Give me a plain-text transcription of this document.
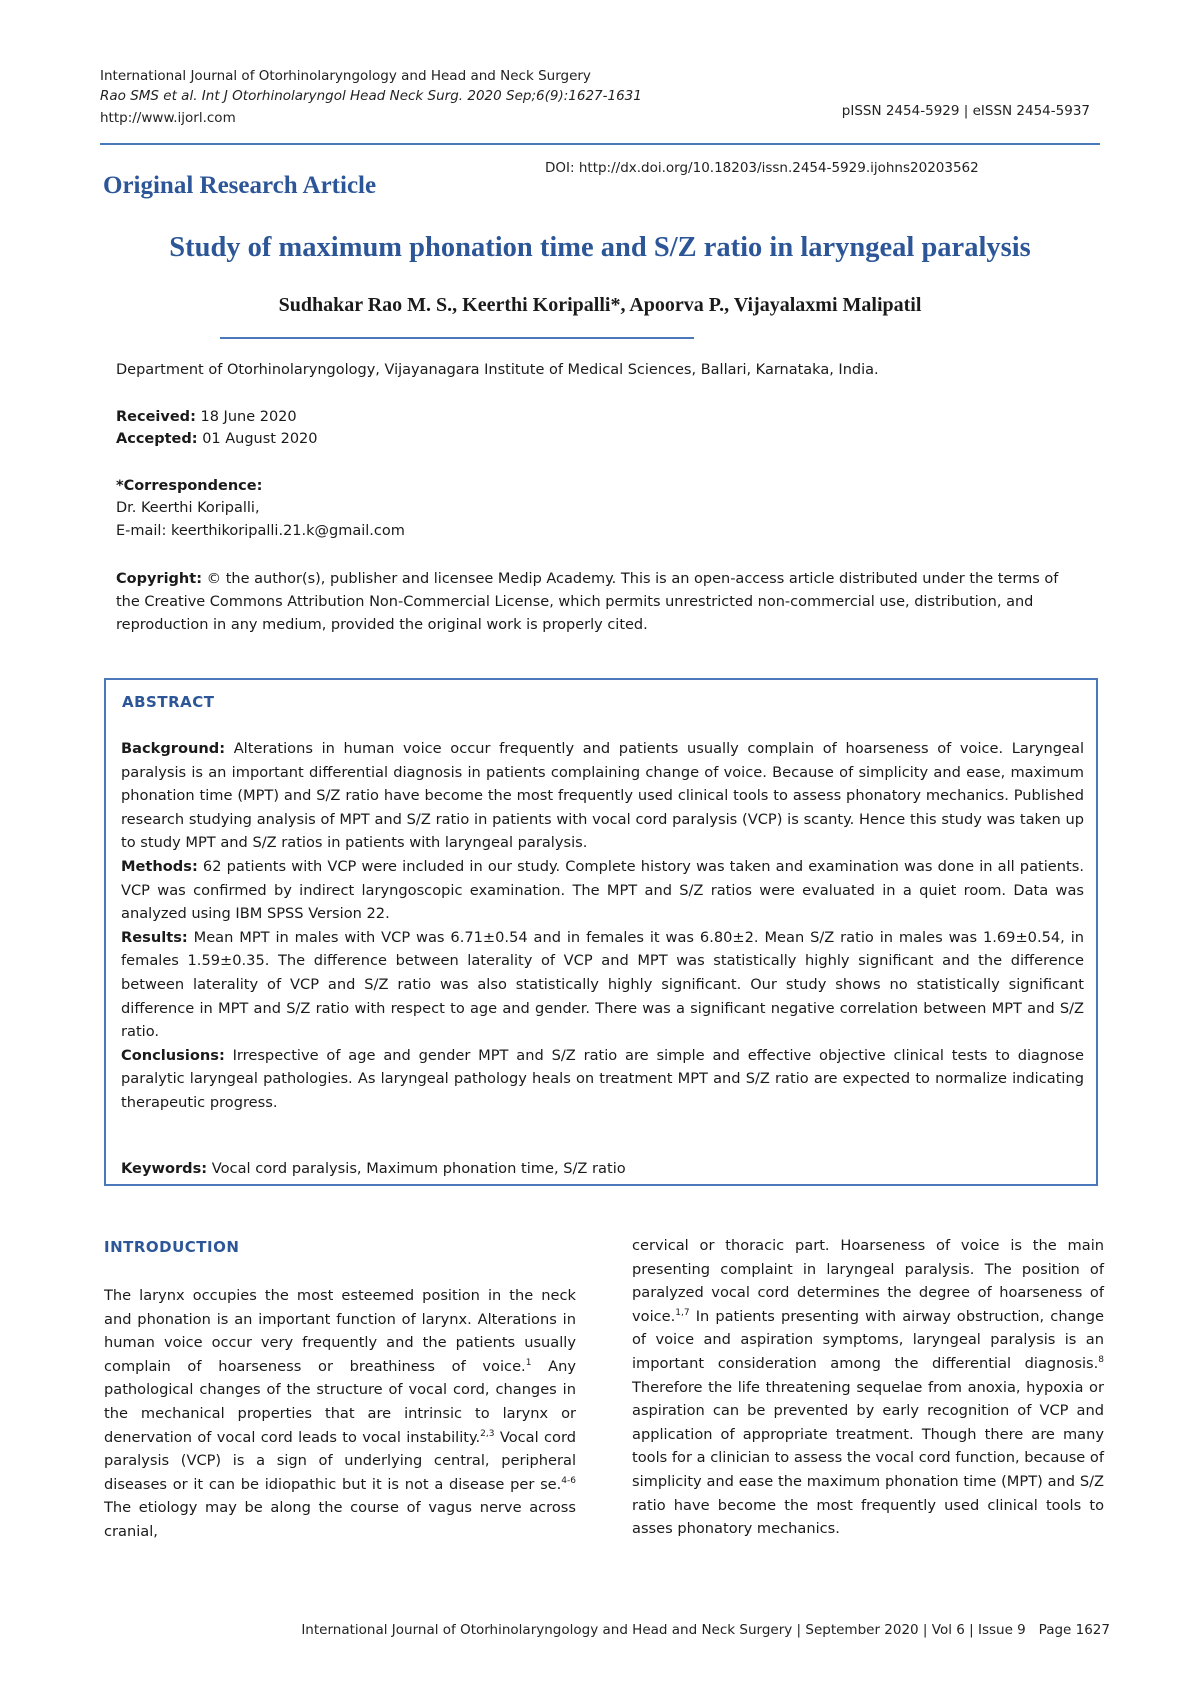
International Journal of Otorhinolaryngology and Head and Neck Surgery
Rao SMS et al. Int J Otorhinolaryngol Head Neck Surg. 2020 Sep;6(9):1627-1631
http://www.ijorl.com	pISSN 2454-5929 | eISSN 2454-5937
Original Research Article
DOI: http://dx.doi.org/10.18203/issn.2454-5929.ijohns20203562
Study of maximum phonation time and S/Z ratio in laryngeal paralysis
Sudhakar Rao M. S., Keerthi Koripalli*, Apoorva P., Vijayalaxmi Malipatil
Department of Otorhinolaryngology, Vijayanagara Institute of Medical Sciences, Ballari, Karnataka, India.
Received: 18 June 2020
Accepted: 01 August 2020
*Correspondence:
Dr. Keerthi Koripalli,
E-mail: keerthikoripalli.21.k@gmail.com
Copyright: © the author(s), publisher and licensee Medip Academy. This is an open-access article distributed under the terms of the Creative Commons Attribution Non-Commercial License, which permits unrestricted non-commercial use, distribution, and reproduction in any medium, provided the original work is properly cited.
ABSTRACT

Background: Alterations in human voice occur frequently and patients usually complain of hoarseness of voice. Laryngeal paralysis is an important differential diagnosis in patients complaining change of voice. Because of simplicity and ease, maximum phonation time (MPT) and S/Z ratio have become the most frequently used clinical tools to assess phonatory mechanics. Published research studying analysis of MPT and S/Z ratio in patients with vocal cord paralysis (VCP) is scanty. Hence this study was taken up to study MPT and S/Z ratios in patients with laryngeal paralysis.

Methods: 62 patients with VCP were included in our study. Complete history was taken and examination was done in all patients. VCP was confirmed by indirect laryngoscopic examination. The MPT and S/Z ratios were evaluated in a quiet room. Data was analyzed using IBM SPSS Version 22.

Results: Mean MPT in males with VCP was 6.71±0.54 and in females it was 6.80±2. Mean S/Z ratio in males was 1.69±0.54, in females 1.59±0.35. The difference between laterality of VCP and MPT was statistically highly significant and the difference between laterality of VCP and S/Z ratio was also statistically highly significant. Our study shows no statistically significant difference in MPT and S/Z ratio with respect to age and gender. There was a significant negative correlation between MPT and S/Z ratio.

Conclusions: Irrespective of age and gender MPT and S/Z ratio are simple and effective objective clinical tests to diagnose paralytic laryngeal pathologies. As laryngeal pathology heals on treatment MPT and S/Z ratio are expected to normalize indicating therapeutic progress.

Keywords: Vocal cord paralysis, Maximum phonation time, S/Z ratio
INTRODUCTION
The larynx occupies the most esteemed position in the neck and phonation is an important function of larynx. Alterations in human voice occur very frequently and the patients usually complain of hoarseness or breathiness of voice.$^1$ Any pathological changes of the structure of vocal cord, changes in the mechanical properties that are intrinsic to larynx or denervation of vocal cord leads to vocal instability.$^{2,3}$ Vocal cord paralysis (VCP) is a sign of underlying central, peripheral diseases or it can be idiopathic but it is not a disease per se.$^{4-6}$ The etiology may be along the course of vagus nerve across cranial,
cervical or thoracic part. Hoarseness of voice is the main presenting complaint in laryngeal paralysis. The position of paralyzed vocal cord determines the degree of hoarseness of voice.$^{1,7}$ In patients presenting with airway obstruction, change of voice and aspiration symptoms, laryngeal paralysis is an important consideration among the differential diagnosis.$^8$ Therefore the life threatening sequelae from anoxia, hypoxia or aspiration can be prevented by early recognition of VCP and application of appropriate treatment. Though there are many tools for a clinician to assess the vocal cord function, because of simplicity and ease the maximum phonation time (MPT) and S/Z ratio have become the most frequently used clinical tools to asses phonatory mechanics.
International Journal of Otorhinolaryngology and Head and Neck Surgery | September 2020 | Vol 6 | Issue 9 Page 1627
